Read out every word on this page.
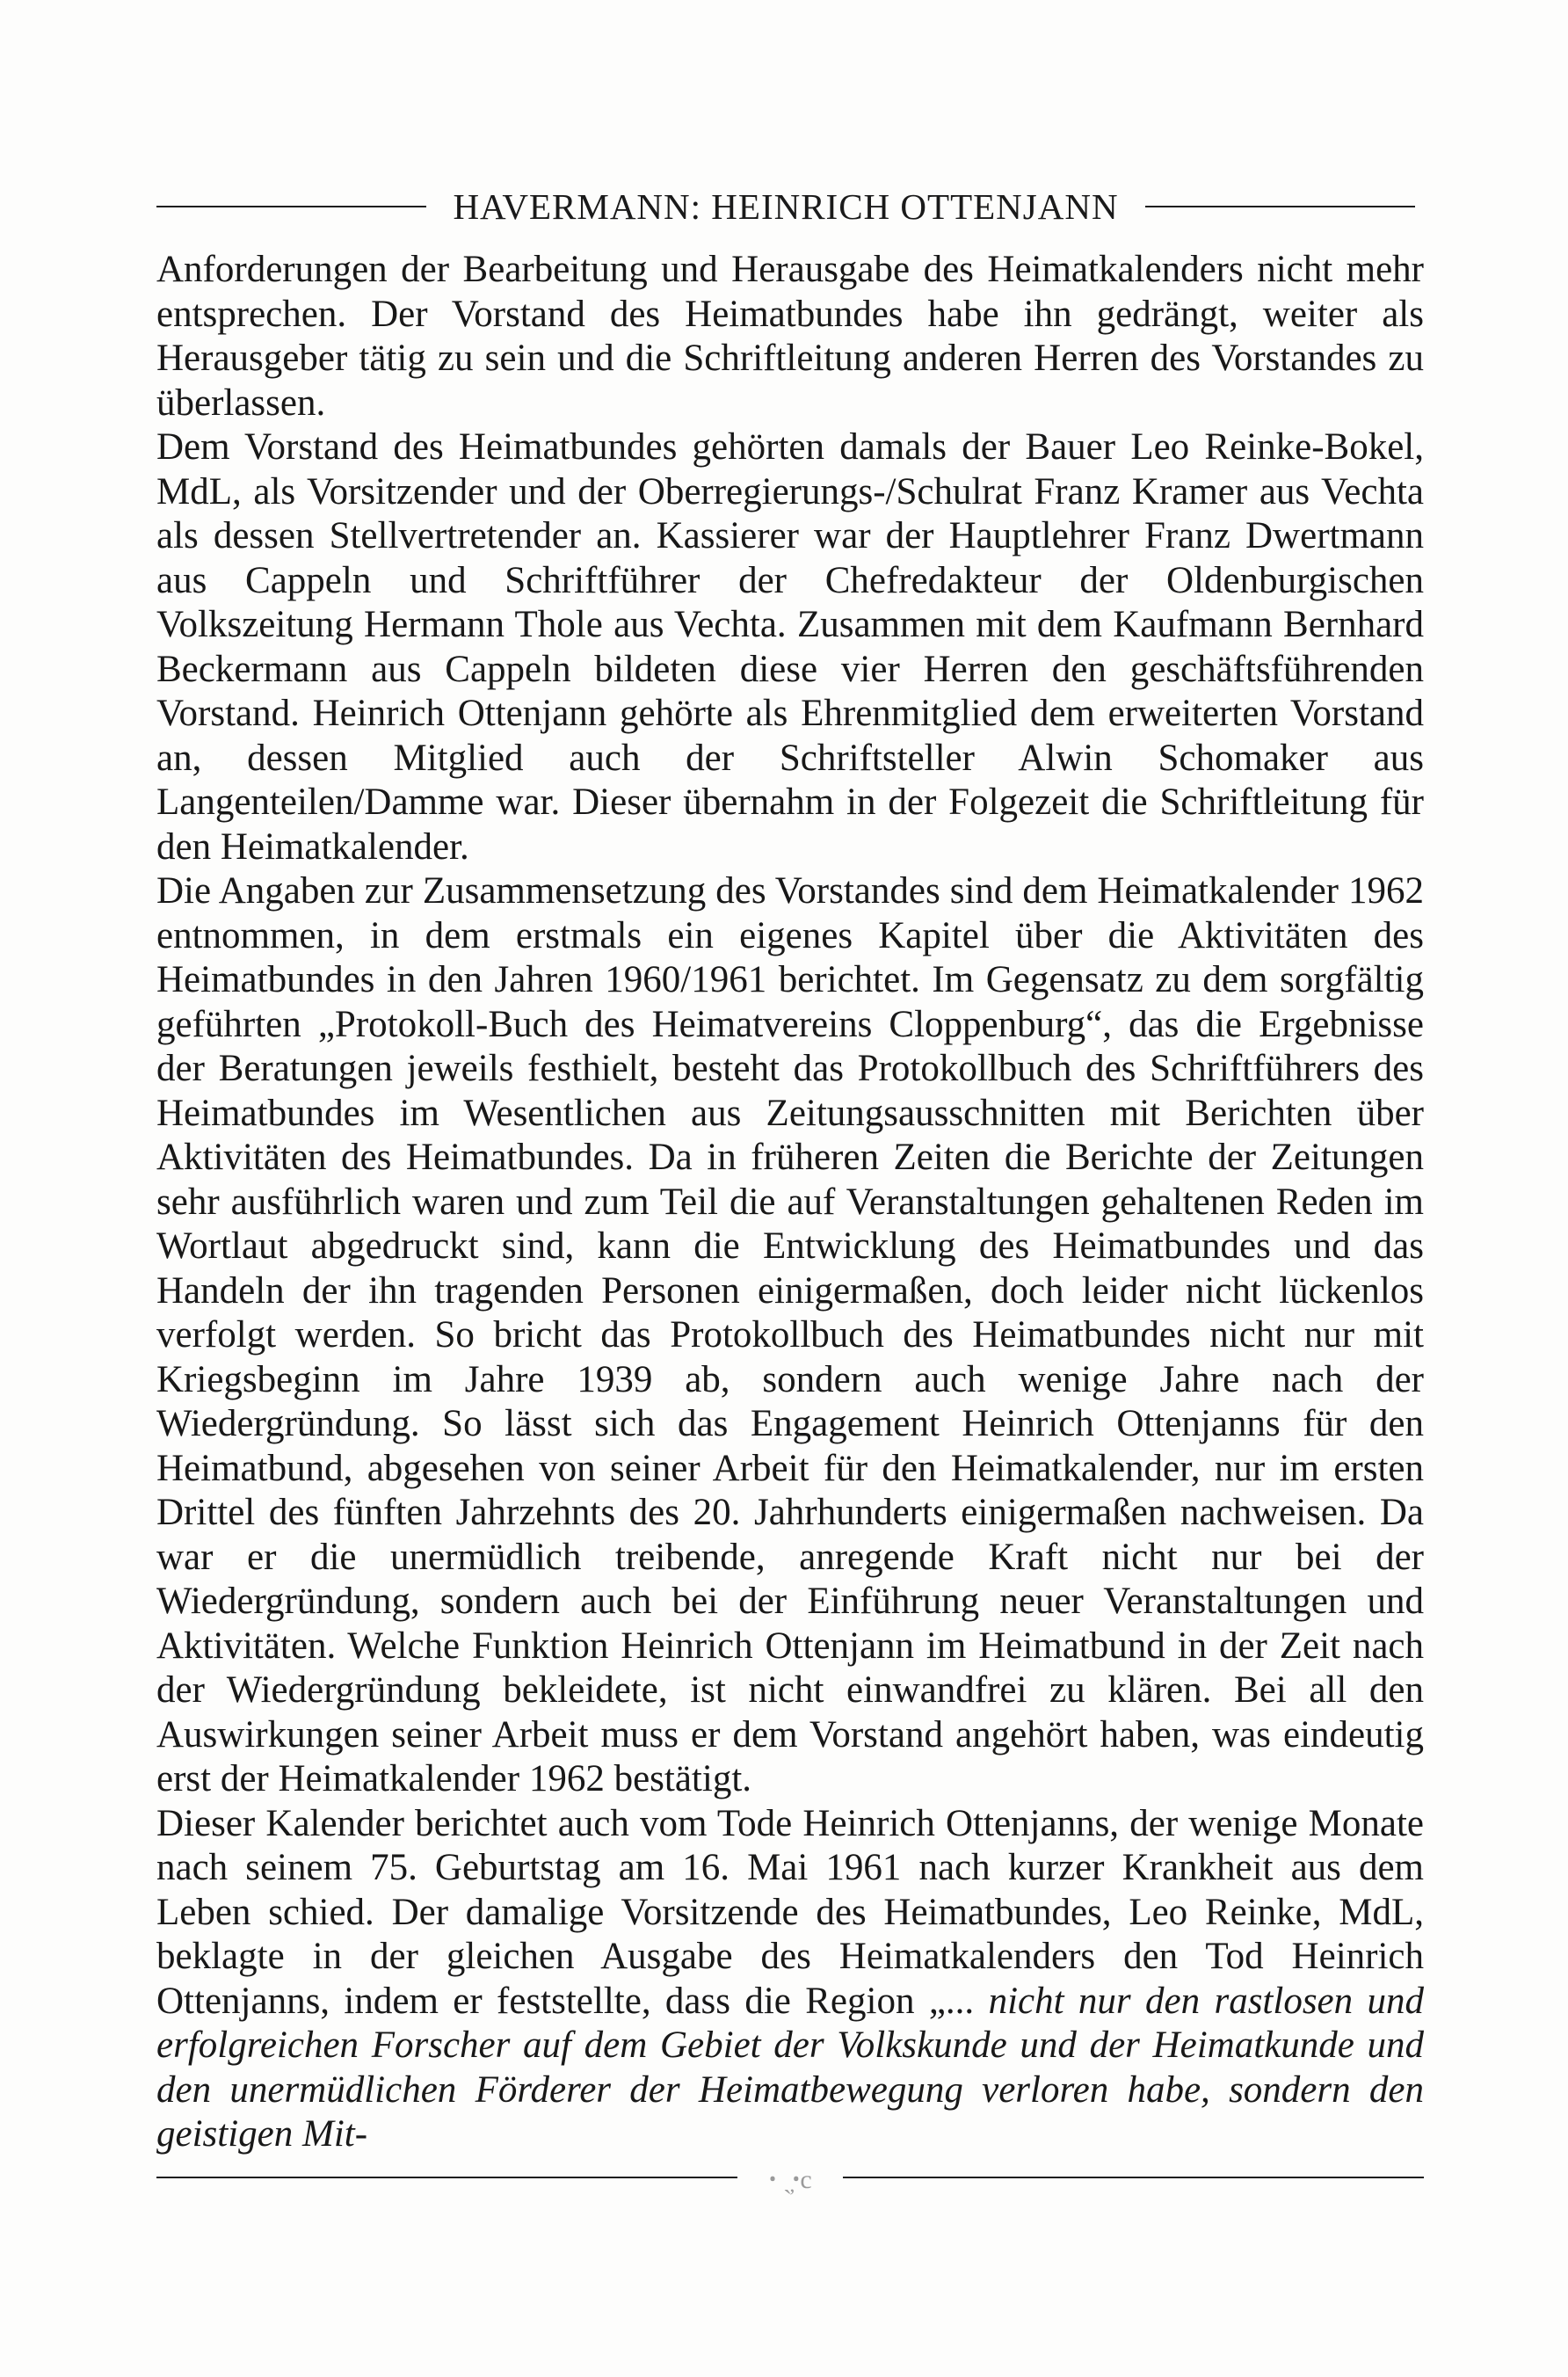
HAVERMANN: HEINRICH OTTENJANN

Anforderungen der Bearbeitung und Herausgabe des Heimatkalenders nicht mehr entsprechen. Der Vorstand des Heimatbundes habe ihn gedrängt, weiter als Herausgeber tätig zu sein und die Schriftleitung anderen Herren des Vorstandes zu überlassen.

Dem Vorstand des Heimatbundes gehörten damals der Bauer Leo Reinke-Bokel, MdL, als Vorsitzender und der Oberregierungs-/Schulrat Franz Kramer aus Vechta als dessen Stellvertretender an. Kassierer war der Hauptlehrer Franz Dwertmann aus Cappeln und Schriftführer der Chefredakteur der Oldenburgischen Volkszeitung Hermann Thole aus Vechta. Zusammen mit dem Kaufmann Bernhard Beckermann aus Cappeln bildeten diese vier Herren den geschäftsführenden Vorstand. Heinrich Ottenjann gehörte als Ehrenmitglied dem erweiterten Vorstand an, dessen Mitglied auch der Schriftsteller Alwin Schomaker aus Langenteilen/Damme war. Dieser übernahm in der Folgezeit die Schriftleitung für den Heimatkalender.

Die Angaben zur Zusammensetzung des Vorstandes sind dem Heimatkalender 1962 entnommen, in dem erstmals ein eigenes Kapitel über die Aktivitäten des Heimatbundes in den Jahren 1960/1961 berichtet. Im Gegensatz zu dem sorgfältig geführten „Protokoll-Buch des Heimatvereins Cloppenburg“, das die Ergebnisse der Beratungen jeweils festhielt, besteht das Protokollbuch des Schriftführers des Heimatbundes im Wesentlichen aus Zeitungsausschnitten mit Berichten über Aktivitäten des Heimatbundes. Da in früheren Zeiten die Berichte der Zeitungen sehr ausführlich waren und zum Teil die auf Veranstaltungen gehaltenen Reden im Wortlaut abgedruckt sind, kann die Entwicklung des Heimatbundes und das Handeln der ihn tragenden Personen einigermaßen, doch leider nicht lückenlos verfolgt werden. So bricht das Protokollbuch des Heimatbundes nicht nur mit Kriegsbeginn im Jahre 1939 ab, sondern auch wenige Jahre nach der Wiedergründung. So lässt sich das Engagement Heinrich Ottenjanns für den Heimatbund, abgesehen von seiner Arbeit für den Heimatkalender, nur im ersten Drittel des fünften Jahrzehnts des 20. Jahrhunderts einigermaßen nachweisen. Da war er die unermüdlich treibende, anregende Kraft nicht nur bei der Wiedergründung, sondern auch bei der Einführung neuer Veranstaltungen und Aktivitäten. Welche Funktion Heinrich Ottenjann im Heimatbund in der Zeit nach der Wiedergründung bekleidete, ist nicht einwandfrei zu klären. Bei all den Auswirkungen seiner Arbeit muss er dem Vorstand angehört haben, was eindeutig erst der Heimatkalender 1962 bestätigt.

Dieser Kalender berichtet auch vom Tode Heinrich Ottenjanns, der wenige Monate nach seinem 75. Geburtstag am 16. Mai 1961 nach kurzer Krankheit aus dem Leben schied. Der damalige Vorsitzende des Heimatbundes, Leo Reinke, MdL, beklagte in der gleichen Ausgabe des Heimatkalenders den Tod Heinrich Ottenjanns, indem er feststellte, dass die Region „... nicht nur den rastlosen und erfolgreichen Forscher auf dem Gebiet der Volkskunde und der Heimatkunde und den unermüdlichen Förderer der Heimatbewegung verloren habe, sondern den geistigen Mit-

ꞏ ˏ̦ꞏc
